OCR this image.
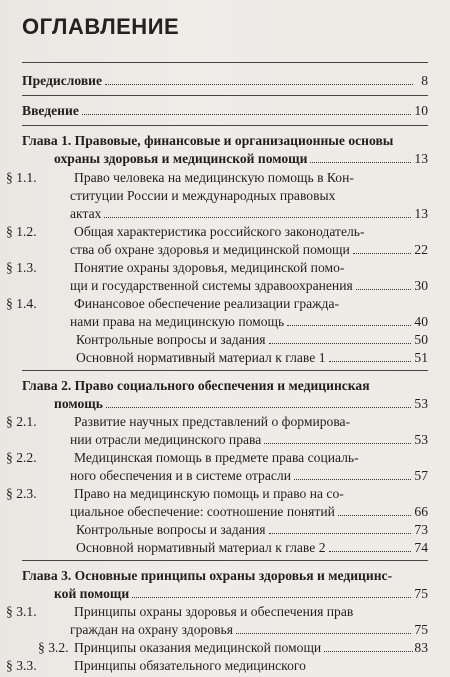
ОГЛАВЛЕНИЕ
Предисловие	8
Введение	10
Глава 1. Правовые, финансовые и организационные основы
охраны здоровья и медицинской помощи	13
§ 1.1.	Право человека на медицинскую помощь в Кон-
ституции России и международных правовых
актах	13
§ 1.2.	Общая характеристика российского законодатель-
ства об охране здоровья и медицинской помощи	22
§ 1.3.	Понятие охраны здоровья, медицинской помо-
щи и государственной системы здравоохранения	30
§ 1.4.	Финансовое обеспечение реализации гражда-
нами права на медицинскую помощь	40
Контрольные вопросы и задания	50
Основной нормативный материал к главе 1	51
Глава 2. Право социального обеспечения и медицинская
помощь	53
§ 2.1.	Развитие научных представлений о формирова-
нии отрасли медицинского права	53
§ 2.2.	Медицинская помощь в предмете права социаль-
ного обеспечения и в системе отрасли	57
§ 2.3.	Право на медицинскую помощь и право на со-
циальное обеспечение: соотношение понятий	66
Контрольные вопросы и задания	73
Основной нормативный материал к главе 2	74
Глава 3. Основные принципы охраны здоровья и медицинс-
кой помощи	75
§ 3.1.	Принципы охраны здоровья и обеспечения прав
граждан на охрану здоровья	75
§ 3.2. Принципы оказания медицинской помощи	83
§ 3.3.	Принципы обязательного медицинского
